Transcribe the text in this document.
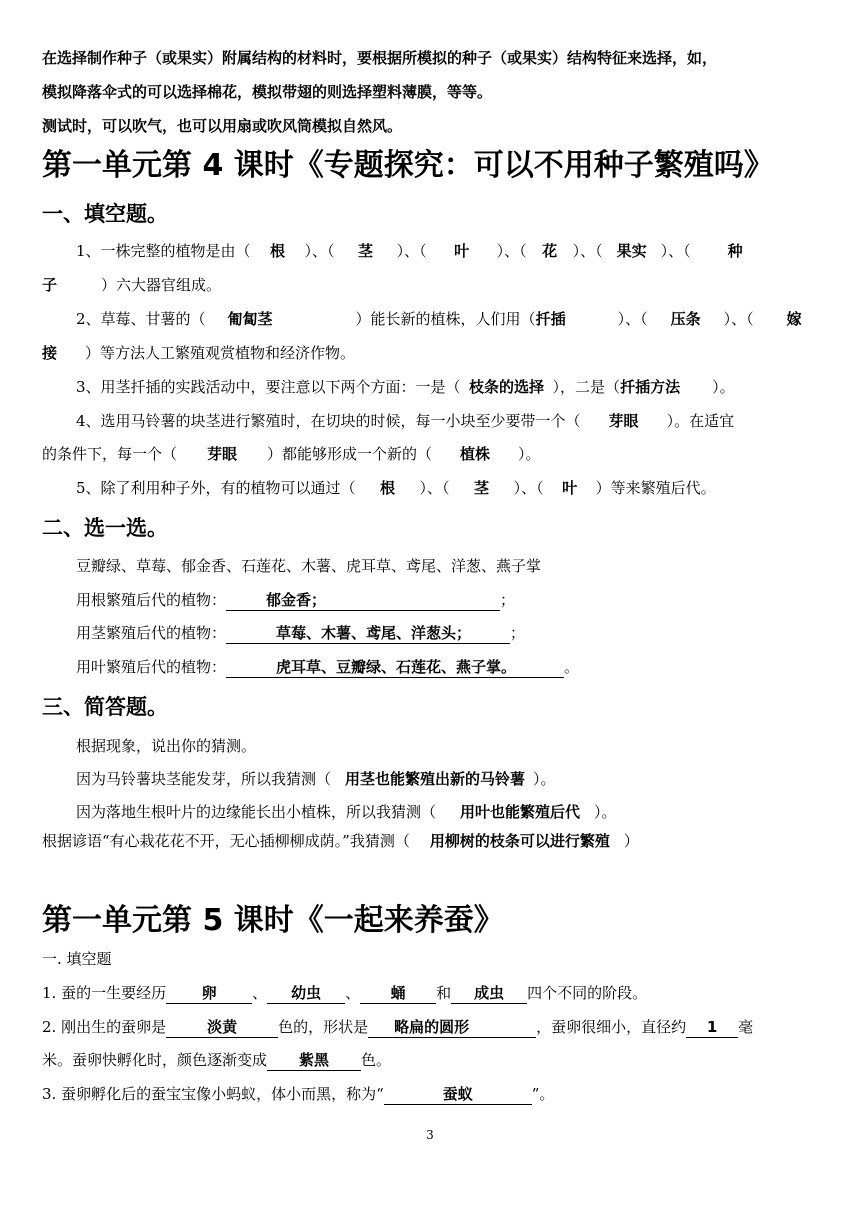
在选择制作种子（或果实）附属结构的材料时，要根据所模拟的种子（或果实）结构特征来选择，如，
模拟降落伞式的可以选择棉花，模拟带翅的则选择塑料薄膜，等等。
测试时，可以吹气，也可以用扇或吹风筒模拟自然风。
第一单元第 4 课时《专题探究：可以不用种子繁殖吗》
一、填空题。
1、一株完整的植物是由（ 根 ）、（ 茎 ）、（ 叶 ）、（ 花 ）、（ 果实 ）、（ 种
子	）六大器官组成。
2、草莓、甘薯的（ 匍匐茎	）能长新的植株，人们用（扦插	）、（ 压条 ）、（ 嫁
接 ）等方法人工繁殖观赏植物和经济作物。
3、用茎扦插的实践活动中，要注意以下两个方面：一是（ 枝条的选择 ），二是（扦插方法 ）。
4、选用马铃薯的块茎进行繁殖时，在切块的时候，每一小块至少要带一个（ 芽眼 ）。在适宜
的条件下，每一个（ 芽眼 ）都能够形成一个新的（ 植株 ）。
5、除了利用种子外，有的植物可以通过（ 根 ）、（ 茎 ）、（ 叶 ）等来繁殖后代。
二、选一选。
豆瓣绿、草莓、郁金香、石莲花、木薯、虎耳草、鸢尾、洋葱、燕子掌
用根繁殖后代的植物：	郁金香；	；
用茎繁殖后代的植物：	草莓、木薯、鸢尾、洋葱头；	；
用叶繁殖后代的植物：	虎耳草、豆瓣绿、石莲花、燕子掌。	。
三、简答题。
根据现象，说出你的猜测。
因为马铃薯块茎能发芽，所以我猜测（ 用茎也能繁殖出新的马铃薯 ）。
因为落地生根叶片的边缘能长出小植株，所以我猜测（ 用叶也能繁殖后代 ）。
根据谚语“有心栽花花不开，无心插柳柳成荫。”我猜测（ 用柳树的枝条可以进行繁殖 ）
第一单元第 5 课时《一起来养蚕》
一. 填空题
1. 蚕的一生要经历 卵 、 幼虫 、 蛹 和 成虫 四个不同的阶段。
2. 刚出生的蚕卵是	淡黄	色的，形状是 略扁的圆形	，蚕卵很细小，直径约 1 毫
米。蚕卵快孵化时，颜色逐渐变成 紫黑 色。
3. 蚕卵孵化后的蚕宝宝像小蚂蚁，体小而黑，称为“	蚕蚁	”。
3
